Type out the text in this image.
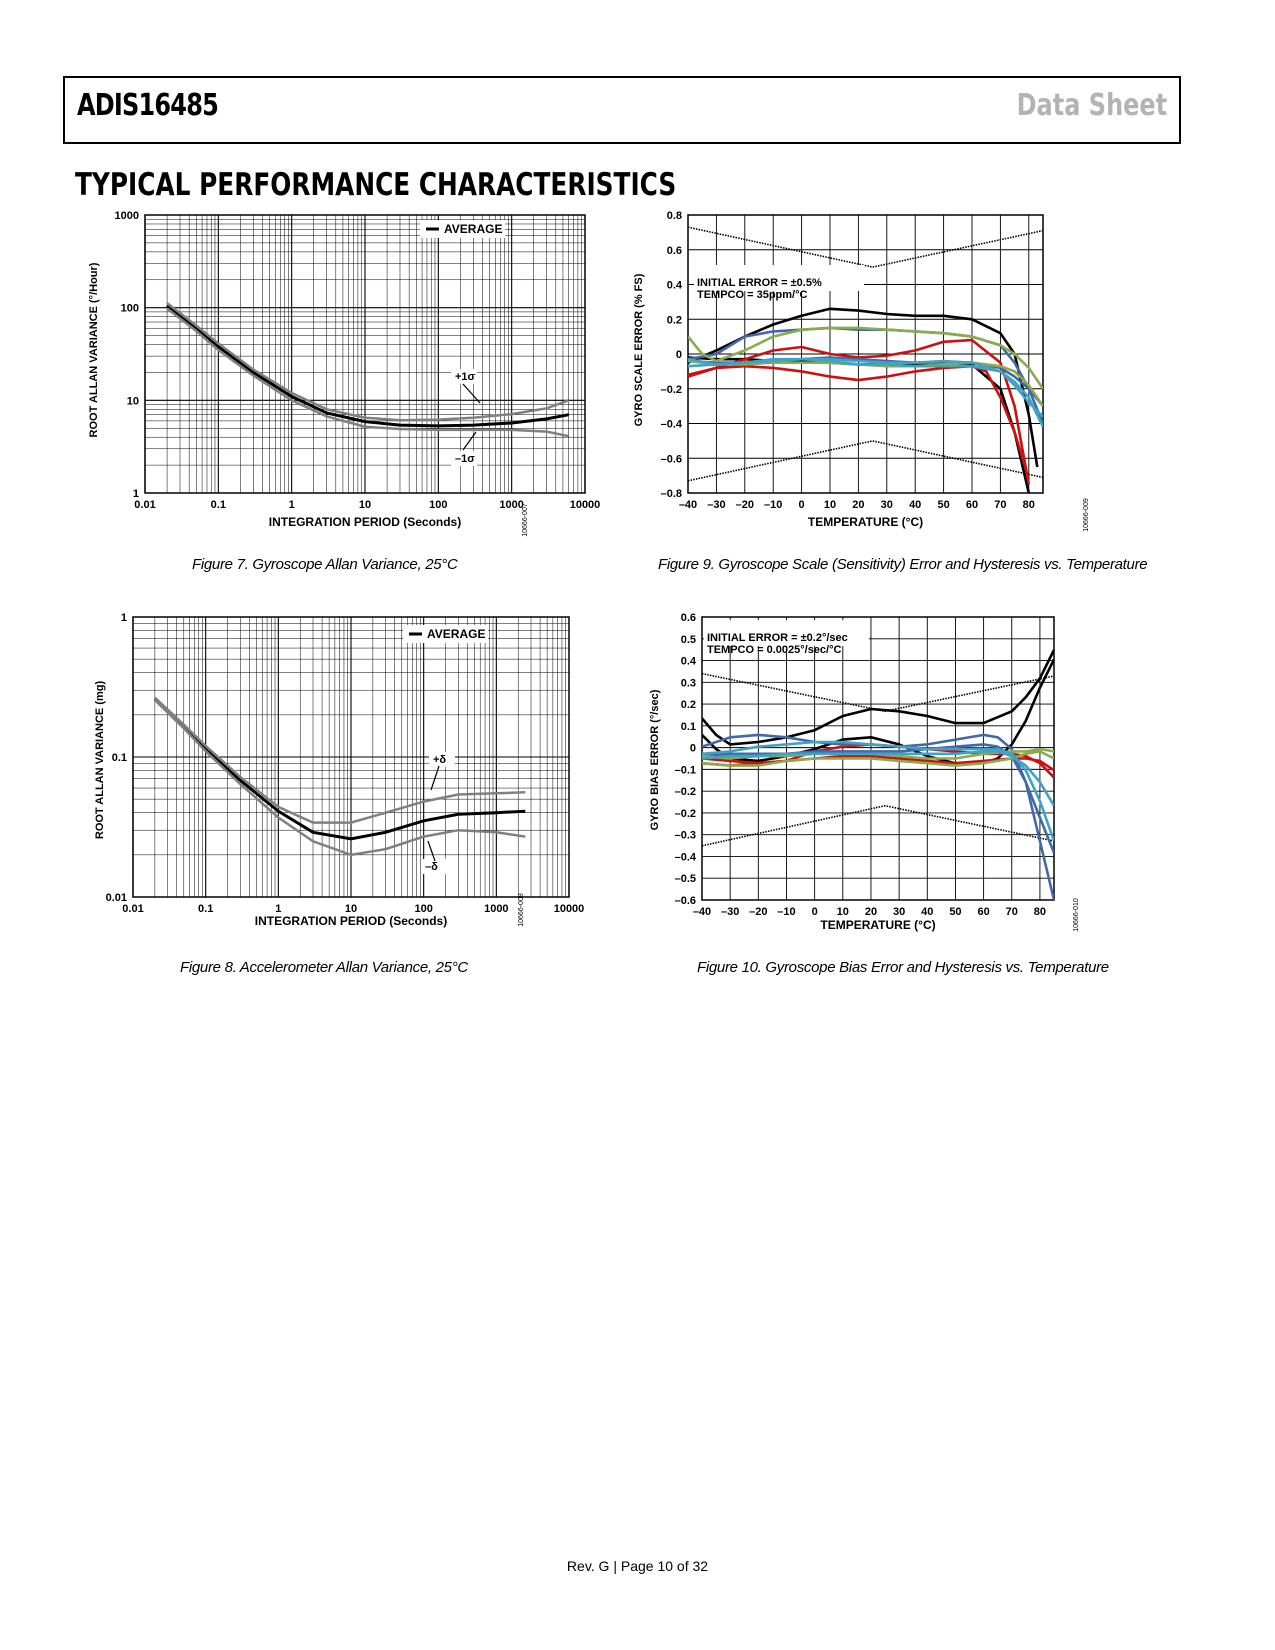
ADIS16485	Data Sheet
TYPICAL PERFORMANCE CHARACTERISTICS
0.01	0.1	1	10	100	1000	10000
1
10
100
1000
INTEGRATION PERIOD (Seconds)
ROOT ALLAN VARIANCE (°/Hour)
AVERAGE
+1σ
–1σ
10666-007
Figure 7. Gyroscope Allan Variance, 25°C
0.01	0.1	1	10	100	1000	10000
0.01
0.1
1
INTEGRATION PERIOD (Seconds)
ROOT ALLAN VARIANCE (mg)
AVERAGE
+δ
–δ
10666-008
Figure 8. Accelerometer Allan Variance, 25°C
–40 –30 –20 –10 0 10 20 30 40 50 60 70 80
–0.8
–0.6
–0.4
–0.2
0
0.2
0.4
0.6
0.8
TEMPERATURE (°C)
GYRO SCALE ERROR (% FS)	INITIAL ERROR = ±0.5%
TEMPCO = 35ppm/°C
10666-009
Figure 9. Gyroscope Scale (Sensitivity) Error and Hysteresis vs. Temperature
–40 –30 –20 –10 0 10 20 30 40 50 60 70 80
–0.6
–0.5
–0.4
–0.3
–0.2
–0.2
–0.1
0
0.1
0.2
0.3
0.4
0.5
0.6
TEMPERATURE (°C)
GYRO BIAS ERROR (°/sec)
INITIAL ERROR = ±0.2°/sec
TEMPCO = 0.0025°/sec/°C
10666-010
Figure 10. Gyroscope Bias Error and Hysteresis vs. Temperature
Rev. G | Page 10 of 32
